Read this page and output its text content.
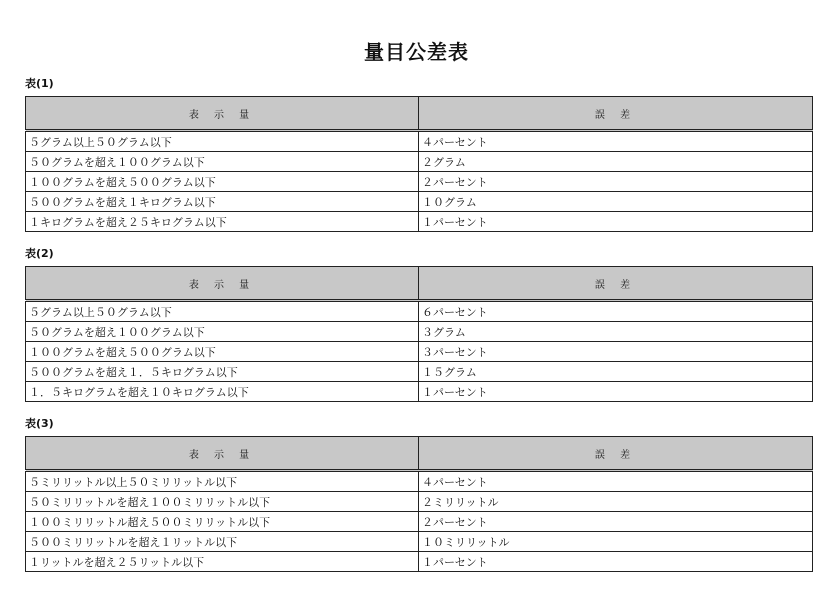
量目公差表
表(1)
表 示 量	誤 差
５グラム以上５０グラム以下	４パーセント
５０グラムを超え１００グラム以下	２グラム
１００グラムを超え５００グラム以下	２パーセント
５００グラムを超え１キログラム以下	１０グラム
１キログラムを超え２５キログラム以下	１パーセント
表(2)
表 示 量	誤 差
５グラム以上５０グラム以下	６パーセント
５０グラムを超え１００グラム以下	３グラム
１００グラムを超え５００グラム以下	３パーセント
５００グラムを超え１．５キログラム以下	１５グラム
１．５キログラムを超え１０キログラム以下	１パーセント
表(3)
表 示 量	誤 差
５ミリリットル以上５０ミリリットル以下	４パーセント
５０ミリリットルを超え１００ミリリットル以下	２ミリリットル
１００ミリリットル超え５００ミリリットル以下	２パーセント
５００ミリリットルを超え１リットル以下	１０ミリリットル
１リットルを超え２５リットル以下	１パーセント
